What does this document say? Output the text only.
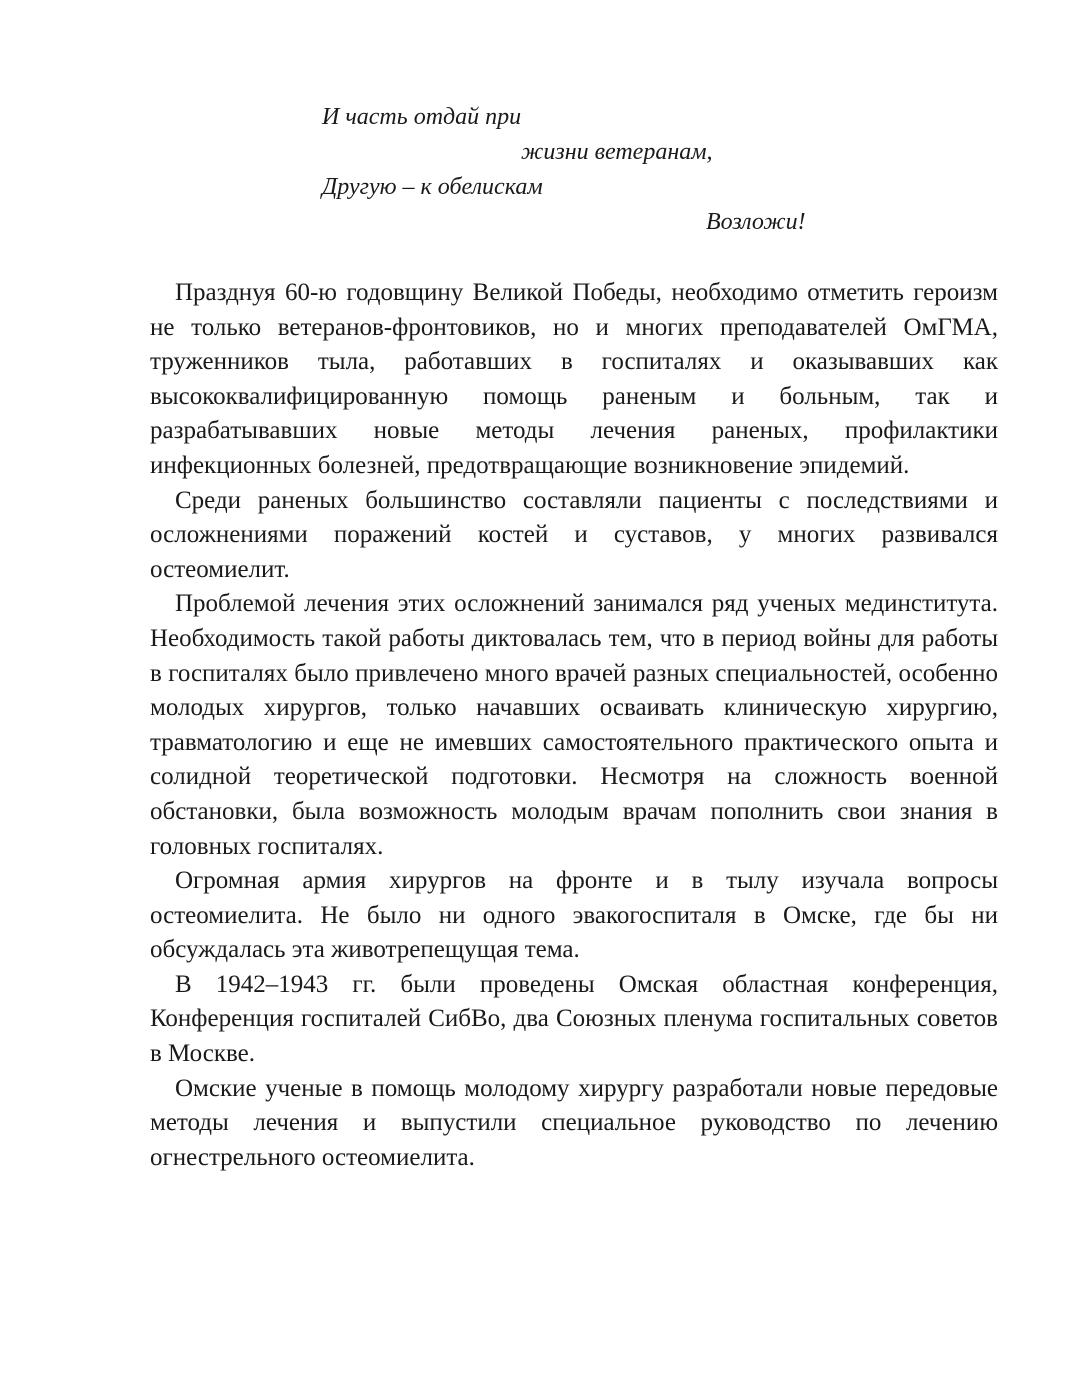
И часть отдай при
жизни ветеранам,
Другую – к обелискам
Возложи!

Празднуя 60-ю годовщину Великой Победы, необходимо отметить героизм не только ветеранов-фронтовиков, но и многих преподавателей ОмГМА, труженников тыла, работавших в госпиталях и оказывавших как высококвалифицированную помощь раненым и больным, так и разрабатывавших новые методы лечения раненых, профилактики инфекционных болезней, предотвращающие возникновение эпидемий.

Среди раненых большинство составляли пациенты с последствиями и осложнениями поражений костей и суставов, у многих развивался остеомиелит.

Проблемой лечения этих осложнений занимался ряд ученых мединститута. Необходимость такой работы диктовалась тем, что в период войны для работы в госпиталях было привлечено много врачей разных специальностей, особенно молодых хирургов, только начавших осваивать клиническую хирургию, травматологию и еще не имевших самостоятельного практического опыта и солидной теоретической подготовки. Несмотря на сложность военной обстановки, была возможность молодым врачам пополнить свои знания в головных госпиталях.

Огромная армия хирургов на фронте и в тылу изучала вопросы остеомиелита. Не было ни одного эвакогоспиталя в Омске, где бы ни обсуждалась эта животрепещущая тема.

В 1942–1943 гг. были проведены Омская областная конференция, Конференция госпиталей СибВо, два Союзных пленума госпитальных советов в Москве.

Омские ученые в помощь молодому хирургу разработали новые передовые методы лечения и выпустили специальное руководство по лечению огнестрельного остеомиелита.
